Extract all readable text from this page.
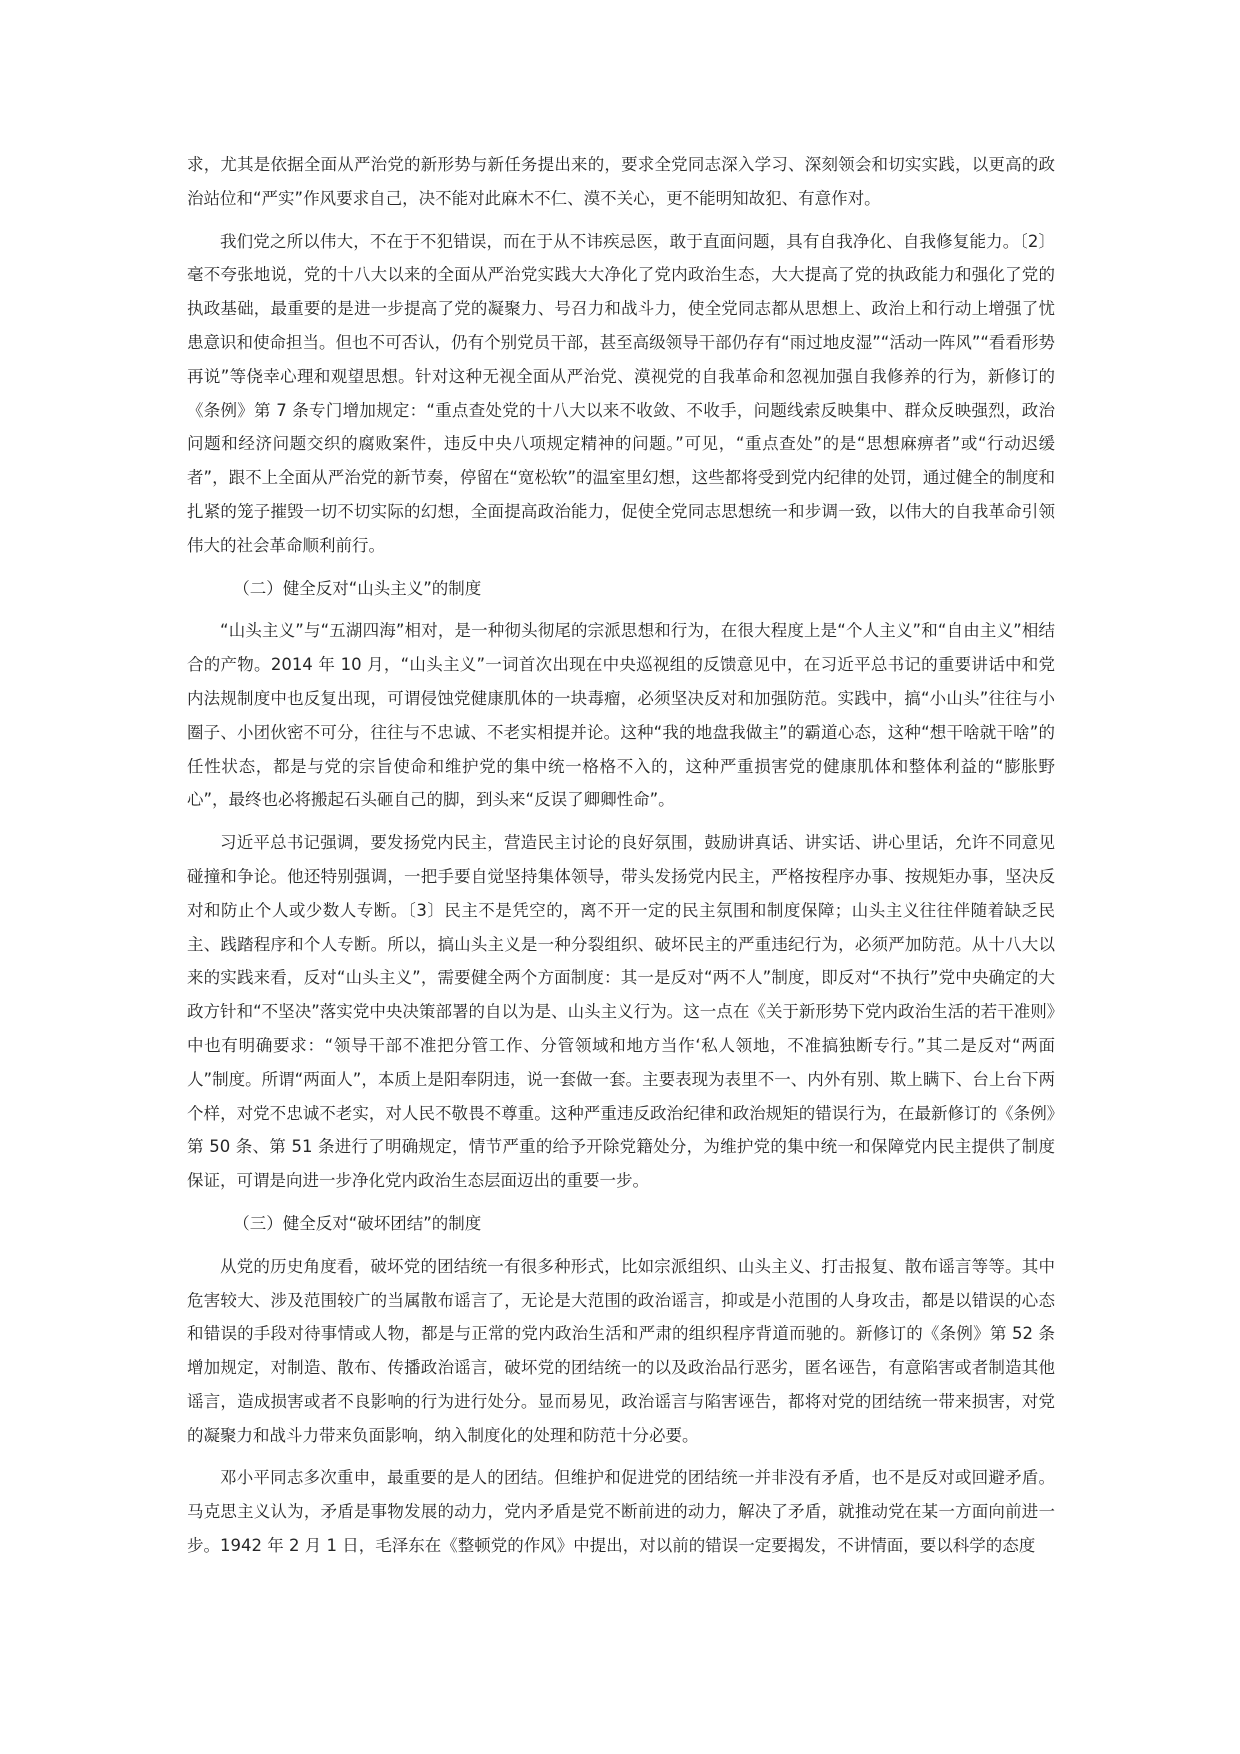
求，尤其是依据全面从严治党的新形势与新任务提出来的，要求全党同志深入学习、深刻领会和切实实践，以更高的政治站位和“严实”作风要求自己，决不能对此麻木不仁、漠不关心，更不能明知故犯、有意作对。

我们党之所以伟大，不在于不犯错误，而在于从不讳疾忌医，敢于直面问题，具有自我净化、自我修复能力。〔2〕毫不夸张地说，党的十八大以来的全面从严治党实践大大净化了党内政治生态，大大提高了党的执政能力和强化了党的执政基础，最重要的是进一步提高了党的凝聚力、号召力和战斗力，使全党同志都从思想上、政治上和行动上增强了忧患意识和使命担当。但也不可否认，仍有个别党员干部，甚至高级领导干部仍存有“雨过地皮湿”“活动一阵风”“看看形势再说”等侥幸心理和观望思想。针对这种无视全面从严治党、漠视党的自我革命和忽视加强自我修养的行为，新修订的《条例》第 7 条专门增加规定：“重点查处党的十八大以来不收敛、不收手，问题线索反映集中、群众反映强烈，政治问题和经济问题交织的腐败案件，违反中央八项规定精神的问题。”可见，“重点查处”的是“思想麻痹者”或“行动迟缓者”，跟不上全面从严治党的新节奏，停留在“宽松软”的温室里幻想，这些都将受到党内纪律的处罚，通过健全的制度和扎紧的笼子摧毁一切不切实际的幻想，全面提高政治能力，促使全党同志思想统一和步调一致，以伟大的自我革命引领伟大的社会革命顺利前行。

（二）健全反对“山头主义”的制度

“山头主义”与“五湖四海”相对，是一种彻头彻尾的宗派思想和行为，在很大程度上是“个人主义”和“自由主义”相结合的产物。2014 年 10 月，“山头主义”一词首次出现在中央巡视组的反馈意见中，在习近平总书记的重要讲话中和党内法规制度中也反复出现，可谓侵蚀党健康肌体的一块毒瘤，必须坚决反对和加强防范。实践中，搞“小山头”往往与小圈子、小团伙密不可分，往往与不忠诚、不老实相提并论。这种“我的地盘我做主”的霸道心态，这种“想干啥就干啥”的任性状态，都是与党的宗旨使命和维护党的集中统一格格不入的，这种严重损害党的健康肌体和整体利益的“膨胀野心”，最终也必将搬起石头砸自己的脚，到头来“反误了卿卿性命”。

习近平总书记强调，要发扬党内民主，营造民主讨论的良好氛围，鼓励讲真话、讲实话、讲心里话，允许不同意见碰撞和争论。他还特别强调，一把手要自觉坚持集体领导，带头发扬党内民主，严格按程序办事、按规矩办事，坚决反对和防止个人或少数人专断。〔3〕民主不是凭空的，离不开一定的民主氛围和制度保障；山头主义往往伴随着缺乏民主、践踏程序和个人专断。所以，搞山头主义是一种分裂组织、破坏民主的严重违纪行为，必须严加防范。从十八大以来的实践来看，反对“山头主义”，需要健全两个方面制度：其一是反对“两不人”制度，即反对“不执行”党中央确定的大政方针和“不坚决”落实党中央决策部署的自以为是、山头主义行为。这一点在《关于新形势下党内政治生活的若干准则》中也有明确要求：“领导干部不准把分管工作、分管领域和地方当作‘私人领地，不准搞独断专行。”其二是反对“两面人”制度。所谓“两面人”，本质上是阳奉阴违，说一套做一套。主要表现为表里不一、内外有别、欺上瞒下、台上台下两个样，对党不忠诚不老实，对人民不敬畏不尊重。这种严重违反政治纪律和政治规矩的错误行为，在最新修订的《条例》第 50 条、第 51 条进行了明确规定，情节严重的给予开除党籍处分，为维护党的集中统一和保障党内民主提供了制度保证，可谓是向进一步净化党内政治生态层面迈出的重要一步。

（三）健全反对“破坏团结”的制度

从党的历史角度看，破坏党的团结统一有很多种形式，比如宗派组织、山头主义、打击报复、散布谣言等等。其中危害较大、涉及范围较广的当属散布谣言了，无论是大范围的政治谣言，抑或是小范围的人身攻击，都是以错误的心态和错误的手段对待事情或人物，都是与正常的党内政治生活和严肃的组织程序背道而驰的。新修订的《条例》第 52 条增加规定，对制造、散布、传播政治谣言，破坏党的团结统一的以及政治品行恶劣，匿名诬告，有意陷害或者制造其他谣言，造成损害或者不良影响的行为进行处分。显而易见，政治谣言与陷害诬告，都将对党的团结统一带来损害，对党的凝聚力和战斗力带来负面影响，纳入制度化的处理和防范十分必要。

邓小平同志多次重申，最重要的是人的团结。但维护和促进党的团结统一并非没有矛盾，也不是反对或回避矛盾。马克思主义认为，矛盾是事物发展的动力，党内矛盾是党不断前进的动力，解决了矛盾，就推动党在某一方面向前进一步。1942 年 2 月 1 日，毛泽东在《整顿党的作风》中提出，对以前的错误一定要揭发，不讲情面，要以科学的态度
